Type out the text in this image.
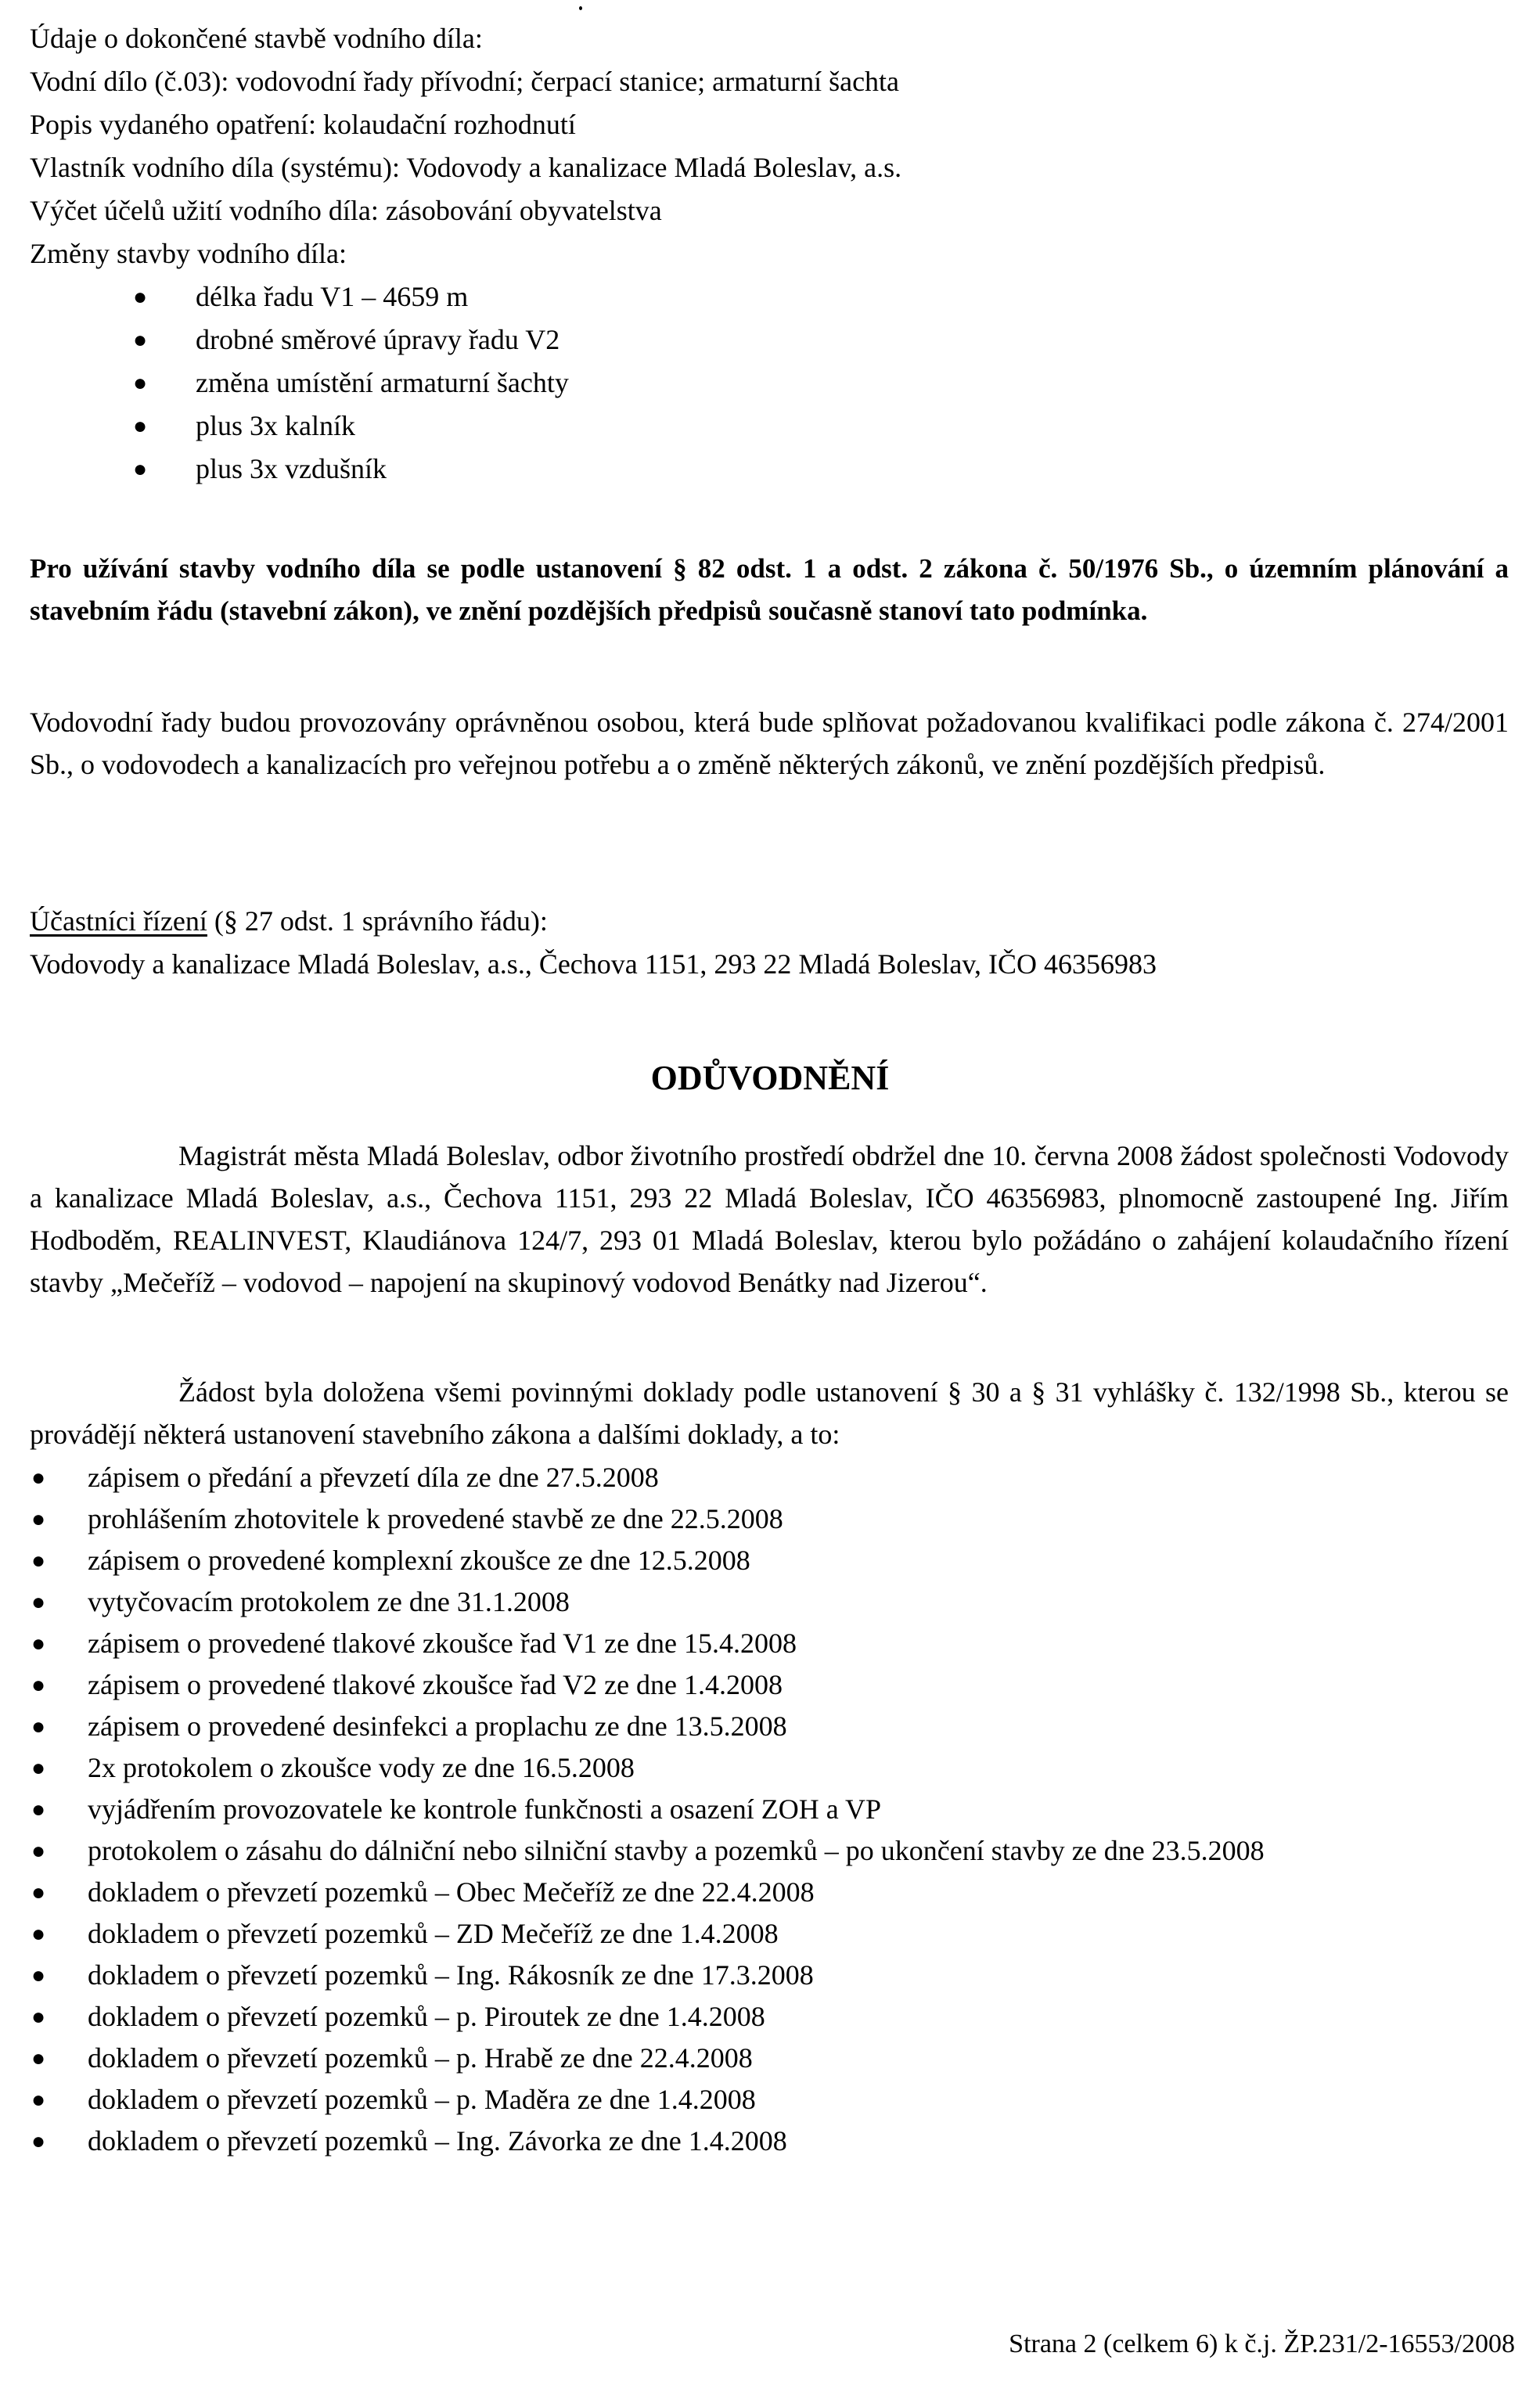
Údaje o dokončené stavbě vodního díla:
Vodní dílo (č.03): vodovodní řady přívodní; čerpací stanice; armaturní šachta
Popis vydaného opatření: kolaudační rozhodnutí
Vlastník vodního díla (systému): Vodovody a kanalizace Mladá Boleslav, a.s.
Výčet účelů užití vodního díla: zásobování obyvatelstva
Změny stavby vodního díla:
● délka řadu V1 – 4659 m
● drobné směrové úpravy řadu V2
● změna umístění armaturní šachty
● plus 3x kalník
● plus 3x vzdušník
Pro užívání stavby vodního díla se podle ustanovení § 82 odst. 1 a odst. 2 zákona č. 50/1976 Sb., o územním plánování a stavebním řádu (stavební zákon), ve znění pozdějších předpisů současně stanoví tato podmínka.
Vodovodní řady budou provozovány oprávněnou osobou, která bude splňovat požadovanou kvalifikaci podle zákona č. 274/2001 Sb., o vodovodech a kanalizacích pro veřejnou potřebu a o změně některých zákonů, ve znění pozdějších předpisů.
Účastníci řízení (§ 27 odst. 1 správního řádu):
Vodovody a kanalizace Mladá Boleslav, a.s., Čechova 1151, 293 22 Mladá Boleslav, IČO 46356983
ODŮVODNĚNÍ
Magistrát města Mladá Boleslav, odbor životního prostředí obdržel dne 10. června 2008 žádost společnosti Vodovody a kanalizace Mladá Boleslav, a.s., Čechova 1151, 293 22 Mladá Boleslav, IČO 46356983, plnomocně zastoupené Ing. Jiřím Hodboděm, REALINVEST, Klaudiánova 124/7, 293 01 Mladá Boleslav, kterou bylo požádáno o zahájení kolaudačního řízení stavby „Mečeříž – vodovod – napojení na skupinový vodovod Benátky nad Jizerou“.
Žádost byla doložena všemi povinnými doklady podle ustanovení § 30 a § 31 vyhlášky č. 132/1998 Sb., kterou se provádějí některá ustanovení stavebního zákona a dalšími doklady, a to:
● zápisem o předání a převzetí díla ze dne 27.5.2008
● prohlášením zhotovitele k provedené stavbě ze dne 22.5.2008
● zápisem o provedené komplexní zkoušce ze dne 12.5.2008
● vytyčovacím protokolem ze dne 31.1.2008
● zápisem o provedené tlakové zkoušce řad V1 ze dne 15.4.2008
● zápisem o provedené tlakové zkoušce řad V2 ze dne 1.4.2008
● zápisem o provedené desinfekci a proplachu ze dne 13.5.2008
● 2x protokolem o zkoušce vody ze dne 16.5.2008
● vyjádřením provozovatele ke kontrole funkčnosti a osazení ZOH a VP
● protokolem o zásahu do dálniční nebo silniční stavby a pozemků – po ukončení stavby ze dne 23.5.2008
● dokladem o převzetí pozemků – Obec Mečeříž ze dne 22.4.2008
● dokladem o převzetí pozemků – ZD Mečeříž ze dne 1.4.2008
● dokladem o převzetí pozemků – Ing. Rákosník ze dne 17.3.2008
● dokladem o převzetí pozemků – p. Piroutek ze dne 1.4.2008
● dokladem o převzetí pozemků – p. Hrabě ze dne 22.4.2008
● dokladem o převzetí pozemků – p. Maděra ze dne 1.4.2008
● dokladem o převzetí pozemků – Ing. Závorka ze dne 1.4.2008
Strana 2 (celkem 6) k č.j. ŽP.231/2-16553/2008
